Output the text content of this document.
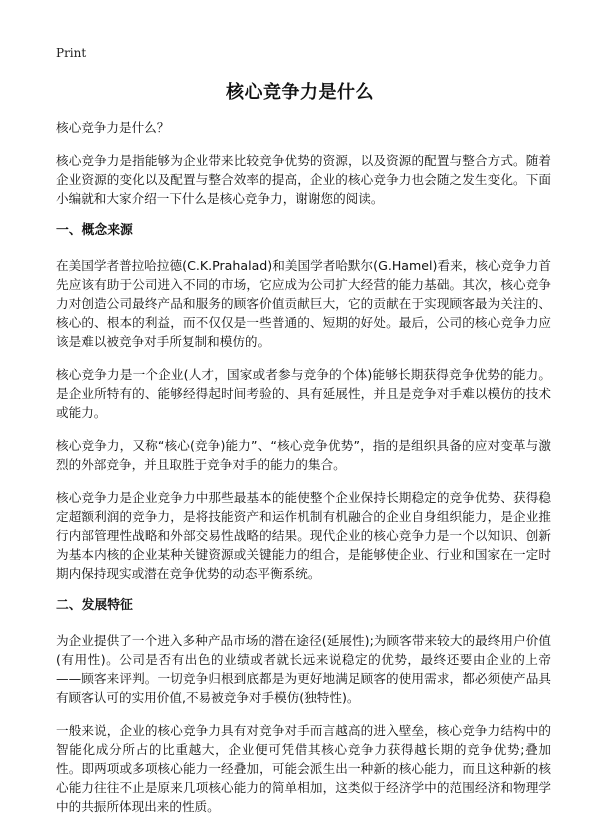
Print
核心竞争力是什么

核心竞争力是什么？

核心竞争力是指能够为企业带来比较竞争优势的资源，以及资源的配置与整合方式。随着企业资源的变化以及配置与整合效率的提高，企业的核心竞争力也会随之发生变化。下面小编就和大家介绍一下什么是核心竞争力，谢谢您的阅读。

一、概念来源

在美国学者普拉哈拉德(C.K.Prahalad)和美国学者哈默尔(G.Hamel)看来，核心竞争力首先应该有助于公司进入不同的市场，它应成为公司扩大经营的能力基础。其次，核心竞争力对创造公司最终产品和服务的顾客价值贡献巨大，它的贡献在于实现顾客最为关注的、核心的、根本的利益，而不仅仅是一些普通的、短期的好处。最后，公司的核心竞争力应该是难以被竞争对手所复制和模仿的。

核心竞争力是一个企业(人才，国家或者参与竞争的个体)能够长期获得竞争优势的能力。是企业所特有的、能够经得起时间考验的、具有延展性，并且是竞争对手难以模仿的技术或能力。

核心竞争力，又称“核心(竞争)能力”、“核心竞争优势”，指的是组织具备的应对变革与激烈的外部竞争，并且取胜于竞争对手的能力的集合。

核心竞争力是企业竞争力中那些最基本的能使整个企业保持长期稳定的竞争优势、获得稳定超额利润的竞争力，是将技能资产和运作机制有机融合的企业自身组织能力，是企业推行内部管理性战略和外部交易性战略的结果。现代企业的核心竞争力是一个以知识、创新为基本内核的企业某种关键资源或关键能力的组合，是能够使企业、行业和国家在一定时期内保持现实或潜在竞争优势的动态平衡系统。

二、发展特征

为企业提供了一个进入多种产品市场的潜在途径(延展性);为顾客带来较大的最终用户价值(有用性)。公司是否有出色的业绩或者就长远来说稳定的优势，最终还要由企业的上帝——顾客来评判。一切竞争归根到底都是为更好地满足顾客的使用需求，都必须使产品具有顾客认可的实用价值,不易被竞争对手模仿(独特性)。

一般来说，企业的核心竞争力具有对竞争对手而言越高的进入壁垒，核心竞争力结构中的智能化成分所占的比重越大，企业便可凭借其核心竞争力获得越长期的竞争优势;叠加性。即两项或多项核心能力一经叠加，可能会派生出一种新的核心能力，而且这种新的核心能力往往不止是原来几项核心能力的简单相加，这类似于经济学中的范围经济和物理学中的共振所体现出来的性质。
